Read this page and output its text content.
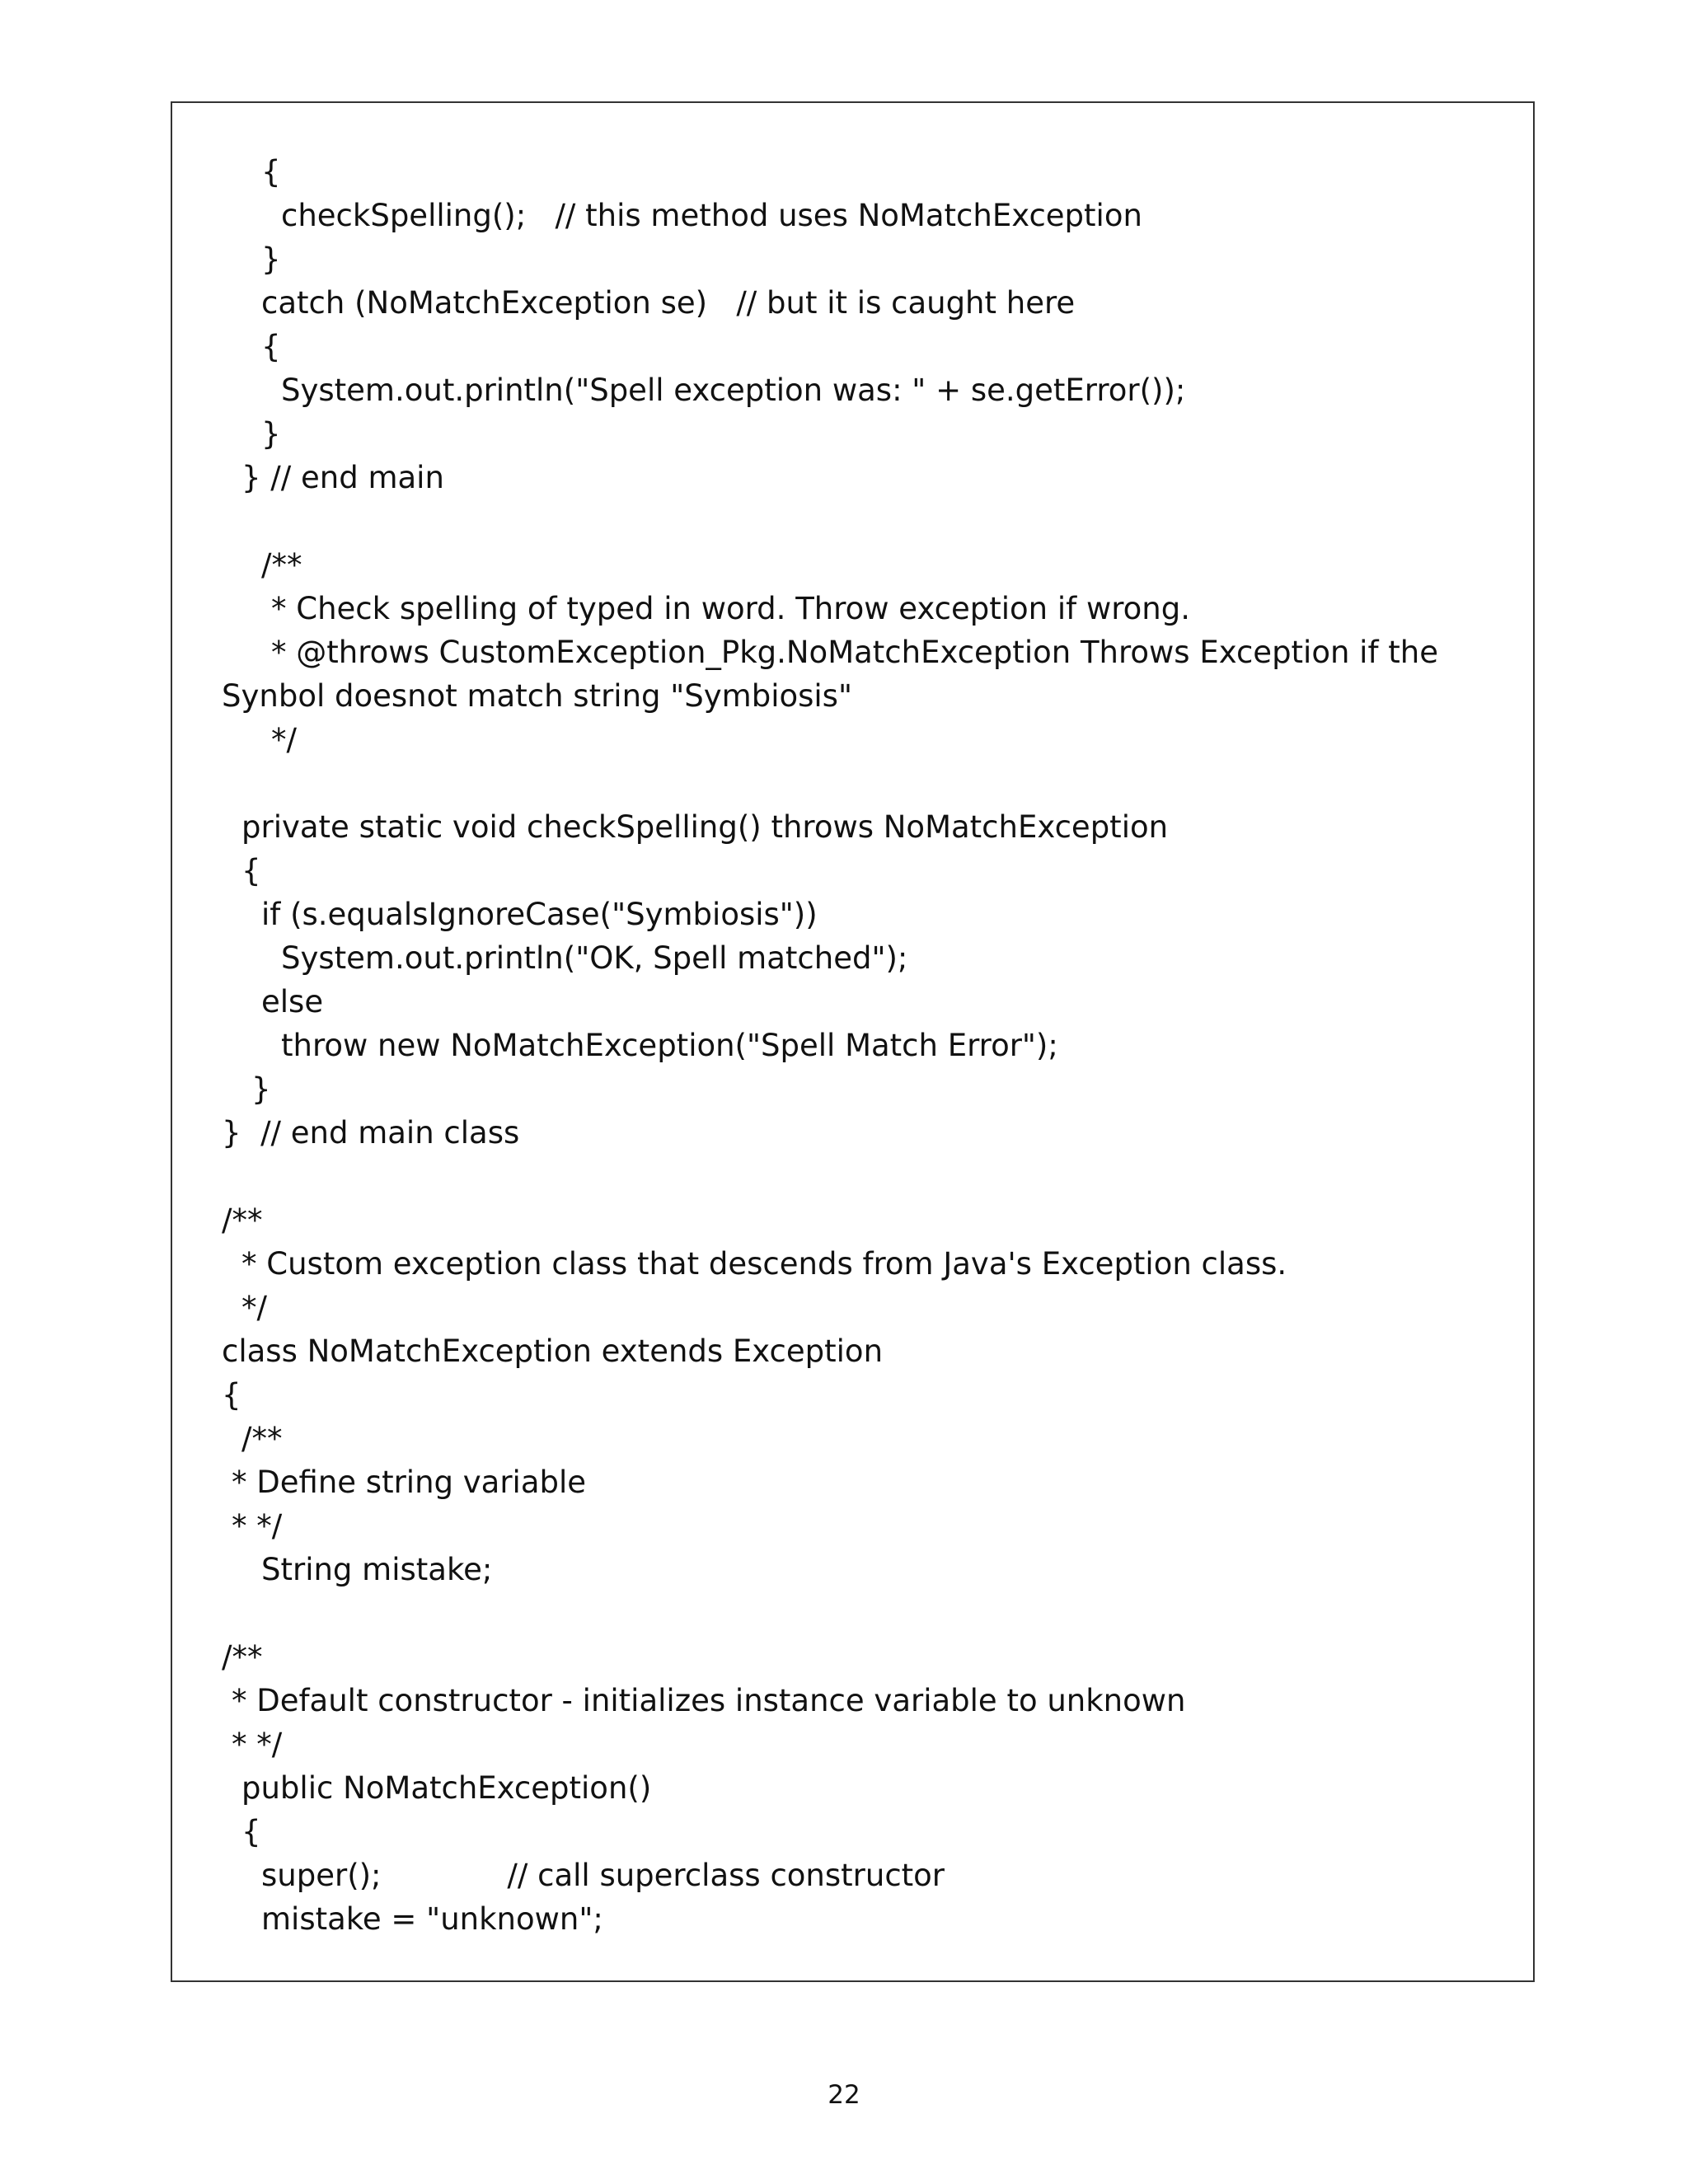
{
checkSpelling();   // this method uses NoMatchException
}
catch (NoMatchException se)   // but it is caught here
{
System.out.println("Spell exception was: " + se.getError());
}
} // end main
/**
* Check spelling of typed in word. Throw exception if wrong.
* @throws CustomException_Pkg.NoMatchException Throws Exception if the
Synbol doesnot match string "Symbiosis"
*/
private static void checkSpelling() throws NoMatchException
{
if (s.equalsIgnoreCase("Symbiosis"))
System.out.println("OK, Spell matched");
else
throw new NoMatchException("Spell Match Error");
}
}  // end main class
/**
* Custom exception class that descends from Java's Exception class.
*/
class NoMatchException extends Exception
{
/**
* Define string variable
* */
String mistake;
/**
* Default constructor - initializes instance variable to unknown
* */
public NoMatchException()
{
super();             // call superclass constructor
mistake = "unknown";
22
